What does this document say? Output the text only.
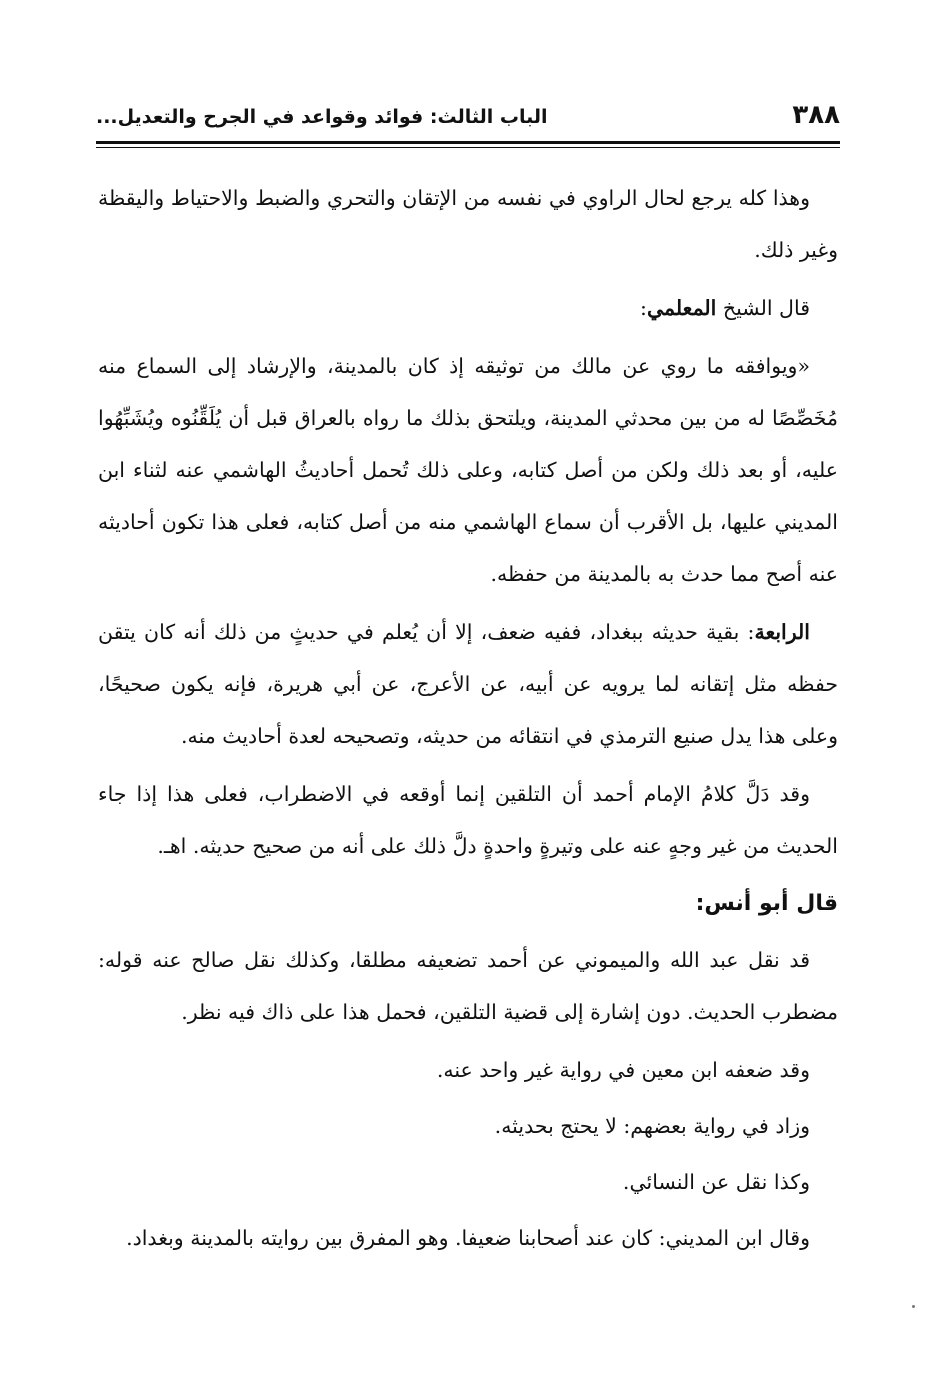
٣٨٨
الباب الثالث: فوائد وقواعد في الجرح والتعديل...

وهذا كله يرجع لحال الراوي في نفسه من الإتقان والتحري والضبط والاحتياط واليقظة وغير ذلك.

قال الشيخ المعلمي:

«ويوافقه ما روي عن مالك من توثيقه إذ كان بالمدينة، والإرشاد إلى السماع منه مُخَصِّصًا له من بين محدثي المدينة، ويلتحق بذلك ما رواه بالعراق قبل أن يُلَقِّنُوه ويُشَبِّهُوا عليه، أو بعد ذلك ولكن من أصل كتابه، وعلى ذلك تُحمل أحاديثُ الهاشمي عنه لثناء ابن المديني عليها، بل الأقرب أن سماع الهاشمي منه من أصل كتابه، فعلى هذا تكون أحاديثه عنه أصح مما حدث به بالمدينة من حفظه.

الرابعة: بقية حديثه ببغداد، ففيه ضعف، إلا أن يُعلم في حديثٍ من ذلك أنه كان يتقن حفظه مثل إتقانه لما يرويه عن أبيه، عن الأعرج، عن أبي هريرة، فإنه يكون صحيحًا، وعلى هذا يدل صنيع الترمذي في انتقائه من حديثه، وتصحيحه لعدة أحاديث منه.

وقد دَلَّ كلامُ الإمام أحمد أن التلقين إنما أوقعه في الاضطراب، فعلى هذا إذا جاء الحديث من غير وجهٍ عنه على وتيرةٍ واحدةٍ دلَّ ذلك على أنه من صحيح حديثه. اهـ.

قال أبو أنس:

قد نقل عبد الله والميموني عن أحمد تضعيفه مطلقا، وكذلك نقل صالح عنه قوله: مضطرب الحديث. دون إشارة إلى قضية التلقين، فحمل هذا على ذاك فيه نظر.

وقد ضعفه ابن معين في رواية غير واحد عنه.

وزاد في رواية بعضهم: لا يحتج بحديثه.

وكذا نقل عن النسائي.

وقال ابن المديني: كان عند أصحابنا ضعيفا. وهو المفرق بين روايته بالمدينة وبغداد.
